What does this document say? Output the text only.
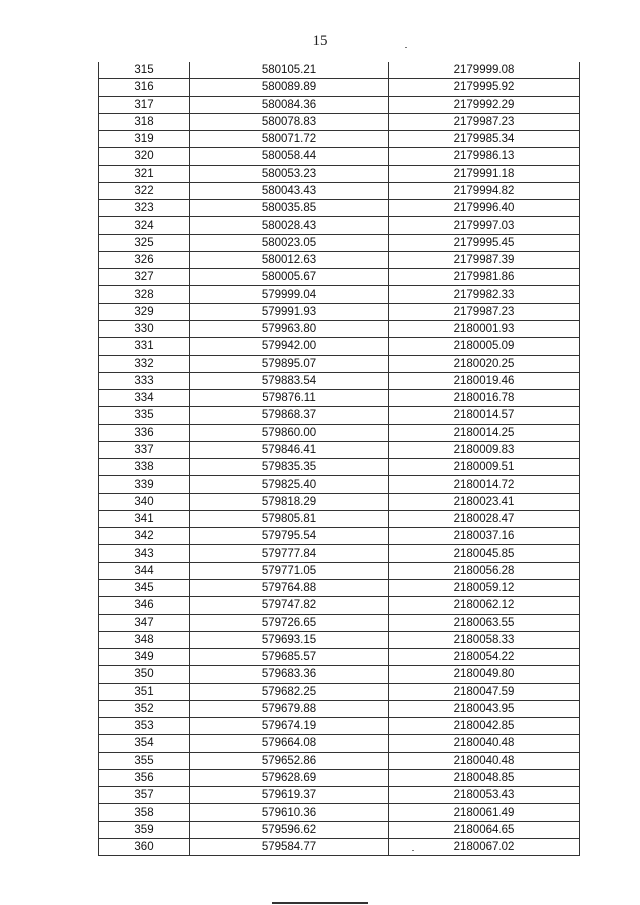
15
315	580105.21	2179999.08
316	580089.89	2179995.92
317	580084.36	2179992.29
318	580078.83	2179987.23
319	580071.72	2179985.34
320	580058.44	2179986.13
321	580053.23	2179991.18
322	580043.43	2179994.82
323	580035.85	2179996.40
324	580028.43	2179997.03
325	580023.05	2179995.45
326	580012.63	2179987.39
327	580005.67	2179981.86
328	579999.04	2179982.33
329	579991.93	2179987.23
330	579963.80	2180001.93
331	579942.00	2180005.09
332	579895.07	2180020.25
333	579883.54	2180019.46
334	579876.11	2180016.78
335	579868.37	2180014.57
336	579860.00	2180014.25
337	579846.41	2180009.83
338	579835.35	2180009.51
339	579825.40	2180014.72
340	579818.29	2180023.41
341	579805.81	2180028.47
342	579795.54	2180037.16
343	579777.84	2180045.85
344	579771.05	2180056.28
345	579764.88	2180059.12
346	579747.82	2180062.12
347	579726.65	2180063.55
348	579693.15	2180058.33
349	579685.57	2180054.22
350	579683.36	2180049.80
351	579682.25	2180047.59
352	579679.88	2180043.95
353	579674.19	2180042.85
354	579664.08	2180040.48
355	579652.86	2180040.48
356	579628.69	2180048.85
357	579619.37	2180053.43
358	579610.36	2180061.49
359	579596.62	2180064.65
360	579584.77	2180067.02
